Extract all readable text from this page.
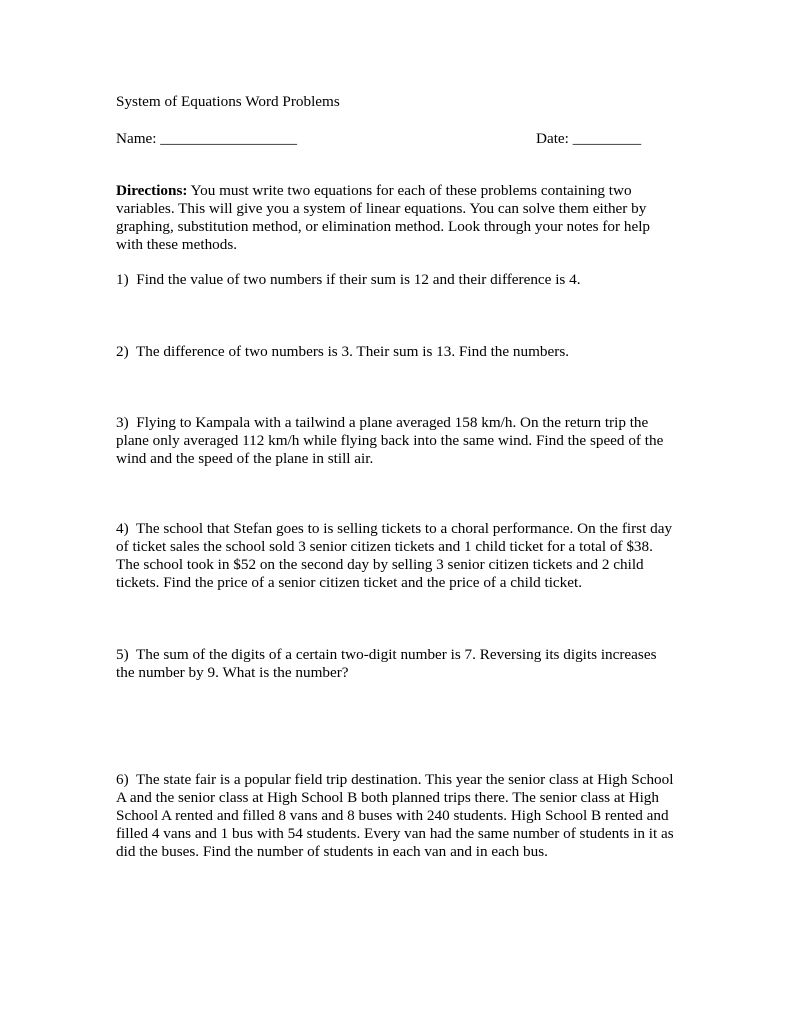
System of Equations Word Problems
Name: __________________	Date: _________
Directions: You must write two equations for each of these problems containing two variables. This will give you a system of linear equations. You can solve them either by graphing, substitution method, or elimination method. Look through your notes for help with these methods.
1) Find the value of two numbers if their sum is 12 and their difference is 4.
2) The difference of two numbers is 3. Their sum is 13. Find the numbers.
3) Flying to Kampala with a tailwind a plane averaged 158 km/h. On the return trip the plane only averaged 112 km/h while flying back into the same wind. Find the speed of the wind and the speed of the plane in still air.
4) The school that Stefan goes to is selling tickets to a choral performance. On the first day of ticket sales the school sold 3 senior citizen tickets and 1 child ticket for a total of $38. The school took in $52 on the second day by selling 3 senior citizen tickets and 2 child tickets. Find the price of a senior citizen ticket and the price of a child ticket.
5) The sum of the digits of a certain two-digit number is 7. Reversing its digits increases the number by 9. What is the number?
6) The state fair is a popular field trip destination. This year the senior class at High School A and the senior class at High School B both planned trips there. The senior class at High School A rented and filled 8 vans and 8 buses with 240 students. High School B rented and filled 4 vans and 1 bus with 54 students. Every van had the same number of students in it as did the buses. Find the number of students in each van and in each bus.
